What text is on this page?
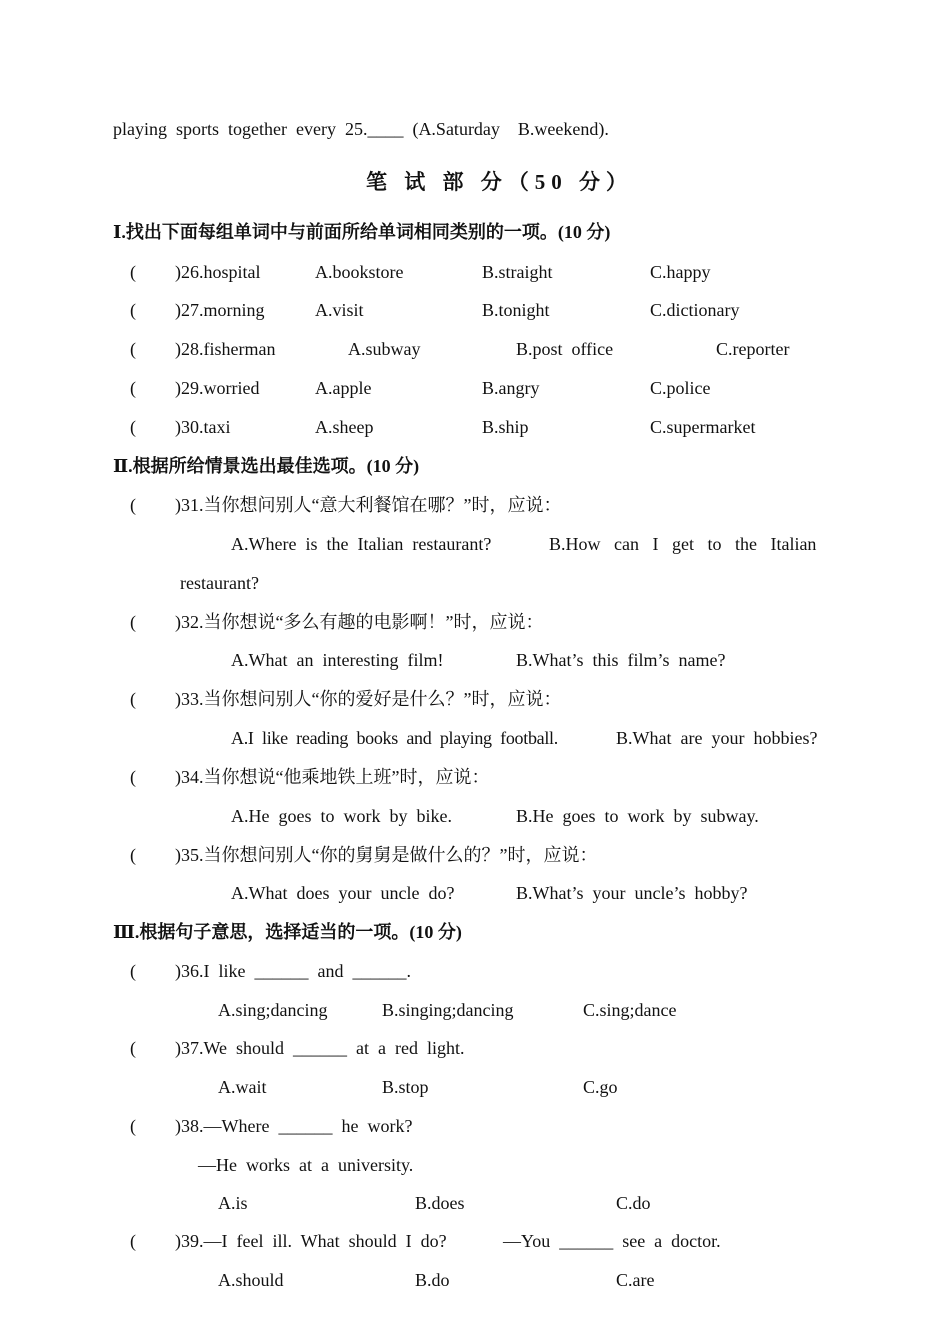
playing  sports  together  every  25.____  (A.Saturday    B.weekend).
笔 试 部 分（50 分）
Ⅰ.找出下面每组单词中与前面所给单词相同类别的一项。(10 分)
( )26.hospital	A.bookstore	B.straight	C.happy
( )27.morning	A.visit	B.tonight	C.dictionary
( )28.fisherman	A.subway	B.post  office	C.reporter
( )29.worried	A.apple	B.angry	C.police
( )30.taxi	A.sheep	B.ship	C.supermarket
Ⅱ.根据所给情景选出最佳选项。(10 分)
( )31.当你想问别人“意大利餐馆在哪？”时，应说：
A.Where  is  the  Italian  restaurant?	B.How   can   I   get   to   the   Italian
restaurant?
( )32.当你想说“多么有趣的电影啊！”时，应说：
A.What  an  interesting  film!	B.What’s  this  film’s  name?
( )33.当你想问别人“你的爱好是什么？”时，应说：
A.I  like  reading  books  and  playing  football.	B.What  are  your  hobbies?
( )34.当你想说“他乘地铁上班”时，应说：
A.He  goes  to  work  by  bike.	B.He  goes  to  work  by  subway.
( )35.当你想问别人“你的舅舅是做什么的？”时，应说：
A.What  does  your  uncle  do?	B.What’s  your  uncle’s  hobby?
Ⅲ.根据句子意思，选择适当的一项。(10 分)
( )36.I  like  ______  and  ______.
A.sing;dancing	B.singing;dancing	C.sing;dance
( )37.We  should  ______  at  a  red  light.
A.wait	B.stop	C.go
( )38.—Where  ______  he  work?
—He  works  at  a  university.
A.is	B.does	C.do
( )39.—I  feel  ill.  What  should  I  do?	—You  ______  see  a  doctor.
A.should	B.do	C.are
